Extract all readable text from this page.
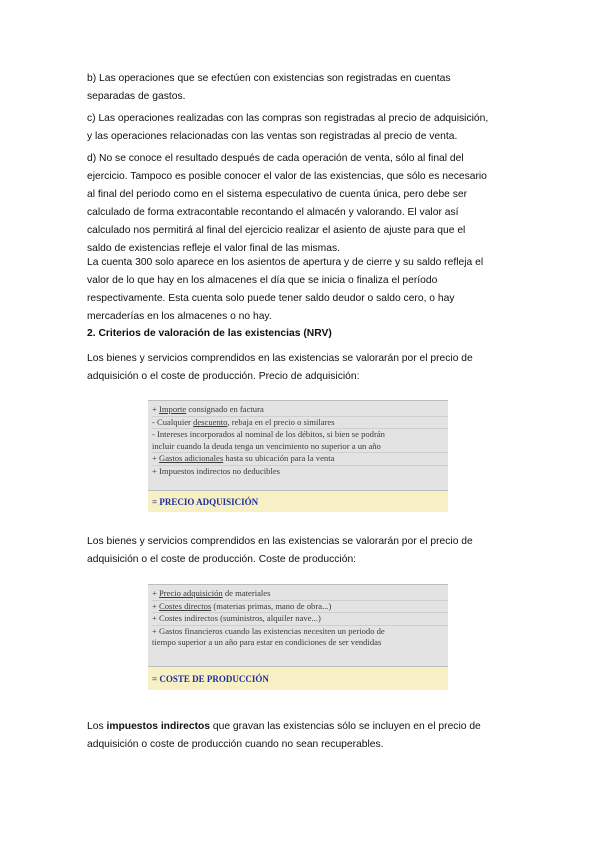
b) Las operaciones que se efectúen con existencias son registradas en cuentas
separadas de gastos.

c) Las operaciones realizadas con las compras son registradas al precio de adquisición,
y las operaciones relacionadas con las ventas son registradas al precio de venta.

d) No se conoce el resultado después de cada operación de venta, sólo al final del
ejercicio. Tampoco es posible conocer el valor de las existencias, que sólo es necesario
al final del periodo como en el sistema especulativo de cuenta única, pero debe ser
calculado de forma extracontable recontando el almacén y valorando. El valor así
calculado nos permitirá al final del ejercicio realizar el asiento de ajuste para que el
saldo de existencias refleje el valor final de las mismas.

La cuenta 300 solo aparece en los asientos de apertura y de cierre y su saldo refleja el
valor de lo que hay en los almacenes el día que se inicia o finaliza el período
respectivamente. Esta cuenta solo puede tener saldo deudor o saldo cero, o hay
mercaderías en los almacenes o no hay.

2. Criterios de valoración de las existencias (NRV)

Los bienes y servicios comprendidos en las existencias se valorarán por el precio de
adquisición o el coste de producción. Precio de adquisición:

+ Importe consignado en factura
- Cualquier descuento, rebaja en el precio o similares
- Intereses incorporados al nominal de los débitos, si bien se podrán
incluir cuando la deuda tenga un vencimiento no superior a un año
+ Gastos adicionales hasta su ubicación para la venta
+ Impuestos indirectos no deducibles
= PRECIO ADQUISICIÓN

Los bienes y servicios comprendidos en las existencias se valorarán por el precio de
adquisición o el coste de producción. Coste de producción:

+ Precio adquisición de materiales
+ Costes directos (materias primas, mano de obra...)
+ Costes indirectos (suministros, alquiler nave...)
+ Gastos financieros cuando las existencias necesiten un periodo de
tiempo superior a un año para estar en condiciones de ser vendidas
= COSTE DE PRODUCCIÓN

Los impuestos indirectos que gravan las existencias sólo se incluyen en el precio de
adquisición o coste de producción cuando no sean recuperables.
